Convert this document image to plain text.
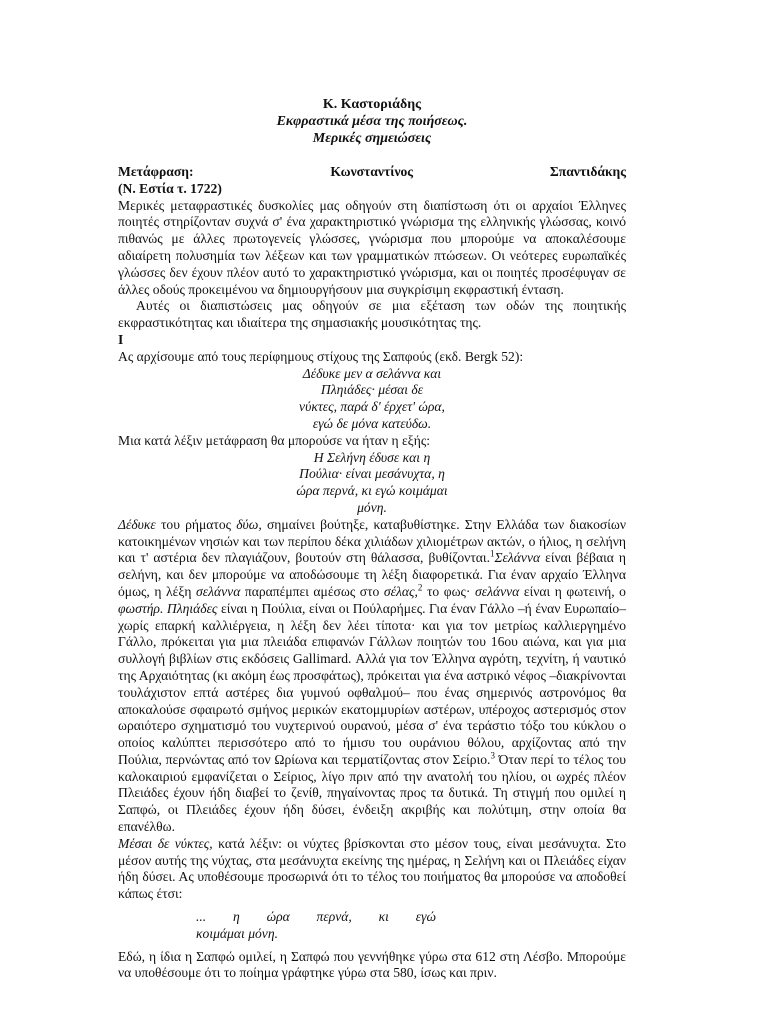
Κ. Καστοριάδης
Εκφραστικά μέσα της ποιήσεως.
Μερικές σημειώσεις
Μετάφραση:	Κωνσταντίνος	Σπαντιδάκης
(Ν. Εστία τ. 1722)

Μερικές μεταφραστικές δυσκολίες μας οδηγούν στη διαπίστωση ότι οι αρχαίοι Έλληνες ποιητές στηρίζονταν συχνά σ' ένα χαρακτηριστικό γνώρισμα της ελληνικής γλώσσας, κοινό πιθανώς με άλλες πρωτογενείς γλώσσες, γνώρισμα που μπορούμε να αποκαλέσουμε αδιαίρετη πολυσημία των λέξεων και των γραμματικών πτώσεων. Οι νεότερες ευρωπαϊκές γλώσσες δεν έχουν πλέον αυτό το χαρακτηριστικό γνώρισμα, και οι ποιητές προσέφυγαν σε άλλες οδούς προκειμένου να δημιουργήσουν μια συγκρίσιμη εκφραστική ένταση.

Αυτές οι διαπιστώσεις μας οδηγούν σε μια εξέταση των οδών της ποιητικής εκφραστικότητας και ιδιαίτερα της σημασιακής μουσικότητας της.

Ι

Ας αρχίσουμε από τους περίφημους στίχους της Σαπφούς (εκδ. Bergk 52):

Δέδυκε μεν α σελάννα και
Πληιάδες· μέσαι δε
νύκτες, παρά δ' έρχετ' ώρα,
εγώ δε μόνα κατεύδω.

Μια κατά λέξιν μετάφραση θα μπορούσε να ήταν η εξής:

Η Σελήνη έδυσε και η
Πούλια· είναι μεσάνυχτα, η
ώρα περνά, κι εγώ κοιμάμαι
μόνη.

Δέδυκε του ρήματος δύω, σημαίνει βούτηξε, καταβυθίστηκε. Στην Ελλάδα των διακοσίων κατοικημένων νησιών και των περίπου δέκα χιλιάδων χιλιομέτρων ακτών, ο ήλιος, η σελήνη και τ' αστέρια δεν πλαγιάζουν, βουτούν στη θάλασσα, βυθίζονται.$^1$Σελάννα είναι βέβαια η σελήνη, και δεν μπορούμε να αποδώσουμε τη λέξη διαφορετικά. Για έναν αρχαίο Έλληνα όμως, η λέξη σελάννα παραπέμπει αμέσως στο σέλας,$^2$ το φως· σελάννα είναι η φωτεινή, ο φωστήρ. Πληιάδες είναι η Πούλια, είναι οι Πούλαρήμες. Για έναν Γάλλο –ή έναν Ευρωπαίο– χωρίς επαρκή καλλιέργεια, η λέξη δεν λέει τίποτα· και για τον μετρίως καλλιεργημένο Γάλλο, πρόκειται για μια πλειάδα επιφανών Γάλλων ποιητών του 16ου αιώνα, και για μια συλλογή βιβλίων στις εκδόσεις Gallimard. Αλλά για τον Έλληνα αγρότη, τεχνίτη, ή ναυτικό της Αρχαιότητας (κι ακόμη έως προσφάτως), πρόκειται για ένα αστρικό νέφος –διακρίνονται τουλάχιστον επτά αστέρες δια γυμνού οφθαλμού– που ένας σημερινός αστρονόμος θα αποκαλούσε σφαιρωτό σμήνος μερικών εκατομμυρίων αστέρων, υπέροχος αστερισμός στον ωραιότερο σχηματισμό του νυχτερινού ουρανού, μέσα σ' ένα τεράστιο τόξο του κύκλου ο οποίος καλύπτει περισσότερο από το ήμισυ του ουράνιου θόλου, αρχίζοντας από την Πούλια, περνώντας από τον Ωρίωνα και τερματίζοντας στον Σείριο.$^3$ Όταν περί το τέλος του καλοκαιριού εμφανίζεται ο Σείριος, λίγο πριν από την ανατολή του ηλίου, οι ωχρές πλέον Πλειάδες έχουν ήδη διαβεί το ζενίθ, πηγαίνοντας προς τα δυτικά. Τη στιγμή που ομιλεί η Σαπφώ, οι Πλειάδες έχουν ήδη δύσει, ένδειξη ακριβής και πολύτιμη, στην οποία θα επανέλθω.

Μέσαι δε νύκτες, κατά λέξιν: οι νύχτες βρίσκονται στο μέσον τους, είναι μεσάνυχτα. Στο μέσον αυτής της νύχτας, στα μεσάνυχτα εκείνης της ημέρας, η Σελήνη και οι Πλειάδες είχαν ήδη δύσει. Ας υποθέσουμε προσωρινά ότι το τέλος του ποιήματος θα μπορούσε να αποδοθεί κάπως έτσι:

... η ώρα περνά, κι εγώ
κοιμάμαι μόνη.

Εδώ, η ίδια η Σαπφώ ομιλεί, η Σαπφώ που γεννήθηκε γύρω στα 612 στη Λέσβο. Μπορούμε να υποθέσουμε ότι το ποίημα γράφτηκε γύρω στα 580, ίσως και πριν.
